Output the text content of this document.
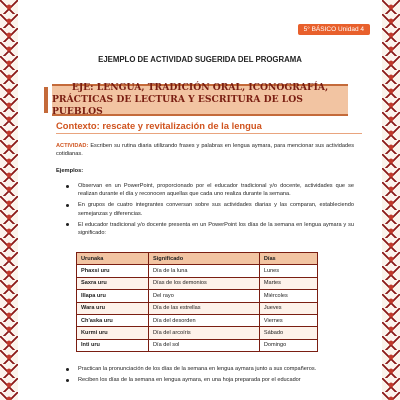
5° BÁSICO Unidad 4
EJEMPLO DE ACTIVIDAD SUGERIDA DEL PROGRAMA
EJE: LENGUA, TRADICIÓN ORAL, ICONOGRAFÍA,
PRÁCTICAS DE LECTURA Y ESCRITURA DE LOS PUEBLOS
Contexto: rescate y revitalización de la lengua
ACTIVIDAD: Escriben su rutina diaria utilizando frases y palabras en lengua aymara, para mencionar sus actividades cotidianas.
Ejemplos:
Observan en un PowerPoint, proporcionado por el educador tradicional y/o docente, actividades que se realizan durante el día y reconocen aquellas que cada uno realiza durante la semana.
En grupos de cuatro integrantes conversan sobre sus actividades diarias y las comparan, estableciendo semejanzas y diferencias.
El educador tradicional y/o docente presenta en un PowerPoint los días de la semana en lengua aymara y su significado:
Urunaka	Significado	Días
Phaxsi uru	Día de la luna	Lunes
Saxra uru	Días de los demonios	Martes
Illapa uru	Del rayo	Miércoles
Wara uru	Día de las estrellas	Jueves
Ch'aska uru	Día del desorden	Viernes
Kurmi uru	Día del arcoíris	Sábado
Inti uru	Día del sol	Domingo
Practican la pronunciación de los días de la semana en lengua aymara junto a sus compañeros.
Reciben los días de la semana en lengua aymara, en una hoja preparada por el educador
